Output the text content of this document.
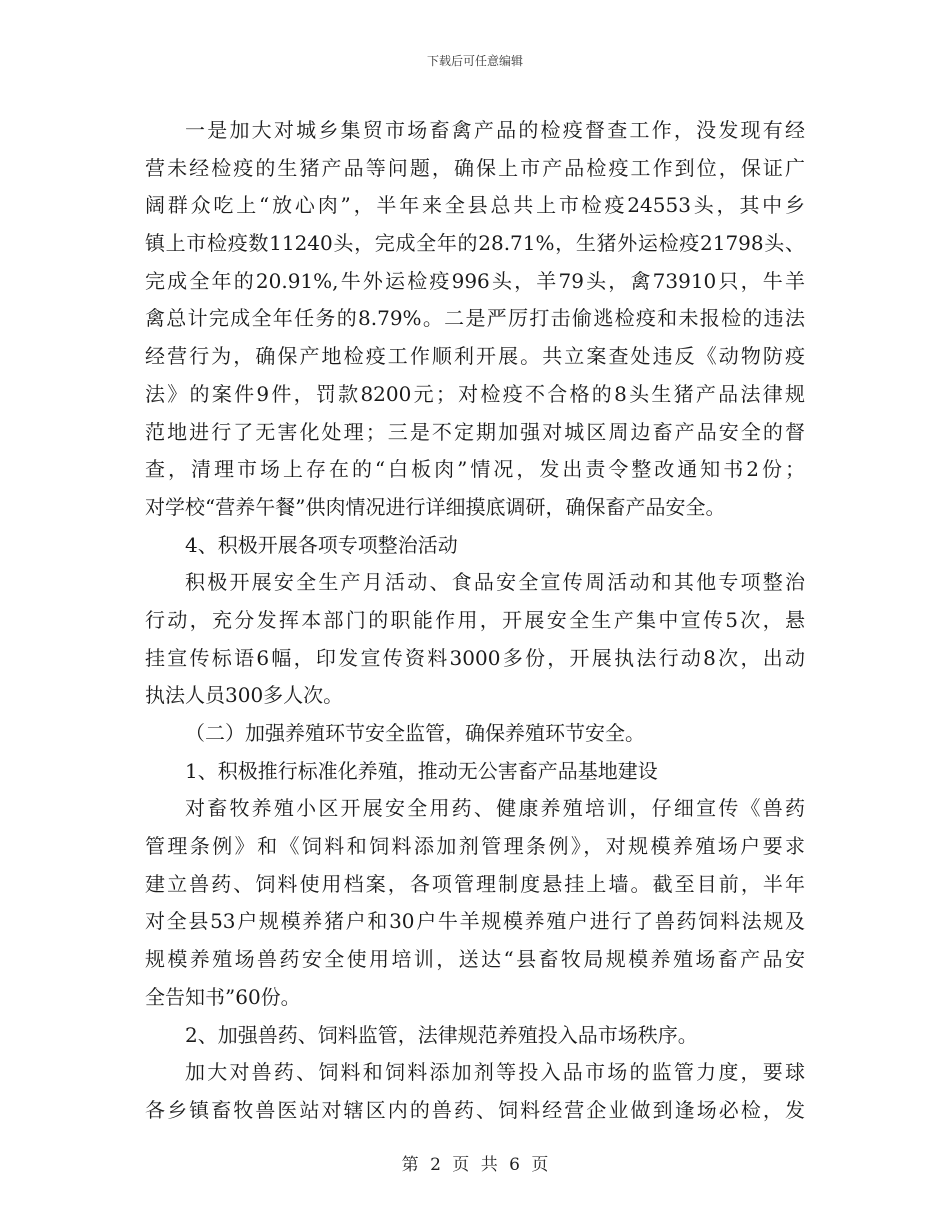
下载后可任意编辑
一是加大对城乡集贸市场畜禽产品的检疫督查工作，没发现有经
营未经检疫的生猪产品等问题，确保上市产品检疫工作到位，保证广
阔群众吃上“放心肉”，半年来全县总共上市检疫24553头，其中乡
镇上市检疫数11240头，完成全年的28.71%，生猪外运检疫21798头、
完成全年的20.91%,牛外运检疫996头，羊79头，禽73910只，牛羊
禽总计完成全年任务的8.79%。二是严厉打击偷逃检疫和未报检的违法
经营行为，确保产地检疫工作顺利开展。共立案查处违反《动物防疫
法》的案件9件，罚款8200元；对检疫不合格的8头生猪产品法律规
范地进行了无害化处理；三是不定期加强对城区周边畜产品安全的督
查，清理市场上存在的“白板肉”情况，发出责令整改通知书2份；
对学校“营养午餐”供肉情况进行详细摸底调研，确保畜产品安全。
4、积极开展各项专项整治活动
积极开展安全生产月活动、食品安全宣传周活动和其他专项整治
行动，充分发挥本部门的职能作用，开展安全生产集中宣传5次，悬
挂宣传标语6幅，印发宣传资料3000多份，开展执法行动8次，出动
执法人员300多人次。
（二）加强养殖环节安全监管，确保养殖环节安全。
1、积极推行标准化养殖，推动无公害畜产品基地建设
对畜牧养殖小区开展安全用药、健康养殖培训，仔细宣传《兽药
管理条例》和《饲料和饲料添加剂管理条例》，对规模养殖场户要求
建立兽药、饲料使用档案，各项管理制度悬挂上墙。截至目前，半年
对全县53户规模养猪户和30户牛羊规模养殖户进行了兽药饲料法规及
规模养殖场兽药安全使用培训，送达“县畜牧局规模养殖场畜产品安
全告知书”60份。
2、加强兽药、饲料监管，法律规范养殖投入品市场秩序。
加大对兽药、饲料和饲料添加剂等投入品市场的监管力度，要球
各乡镇畜牧兽医站对辖区内的兽药、饲料经营企业做到逢场必检，发
第 2 页 共 6 页
